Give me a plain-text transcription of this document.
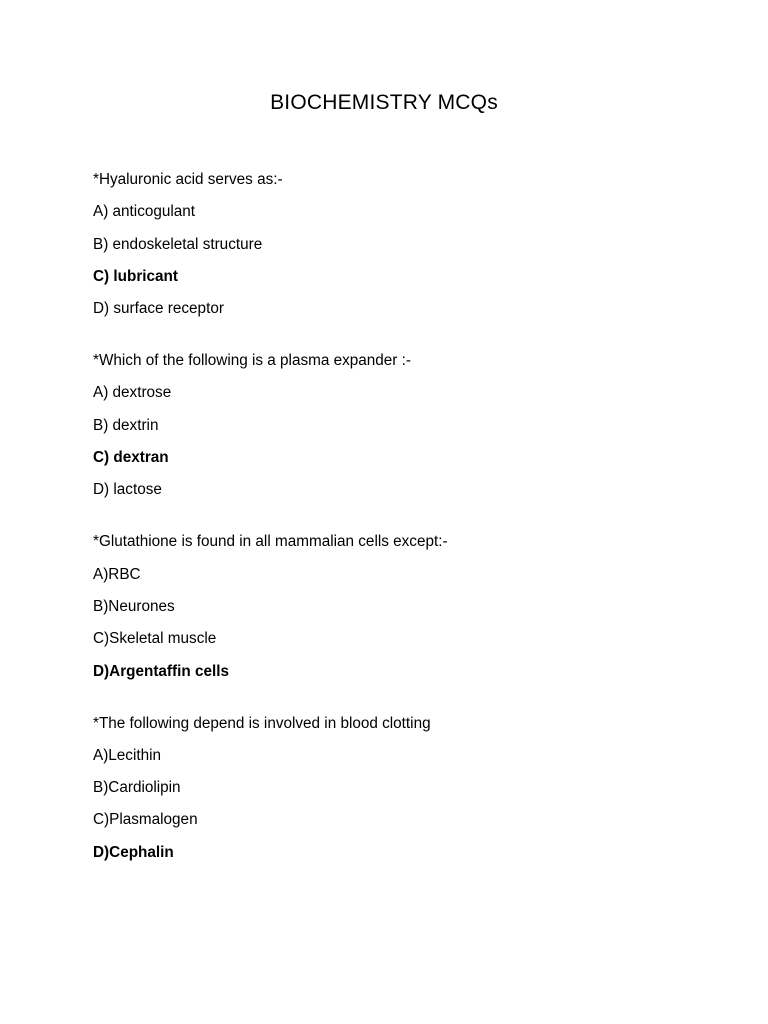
BIOCHEMISTRY MCQs
*Hyaluronic acid serves as:-
A) anticogulant
B) endoskeletal structure
C) lubricant
D) surface receptor
*Which of the following is a plasma expander :-
A) dextrose
B) dextrin
C) dextran
D) lactose
*Glutathione is found in all mammalian cells except:-
A)RBC
B)Neurones
C)Skeletal muscle
D)Argentaffin cells
*The following depend is involved in blood clotting
A)Lecithin
B)Cardiolipin
C)Plasmalogen
D)Cephalin
